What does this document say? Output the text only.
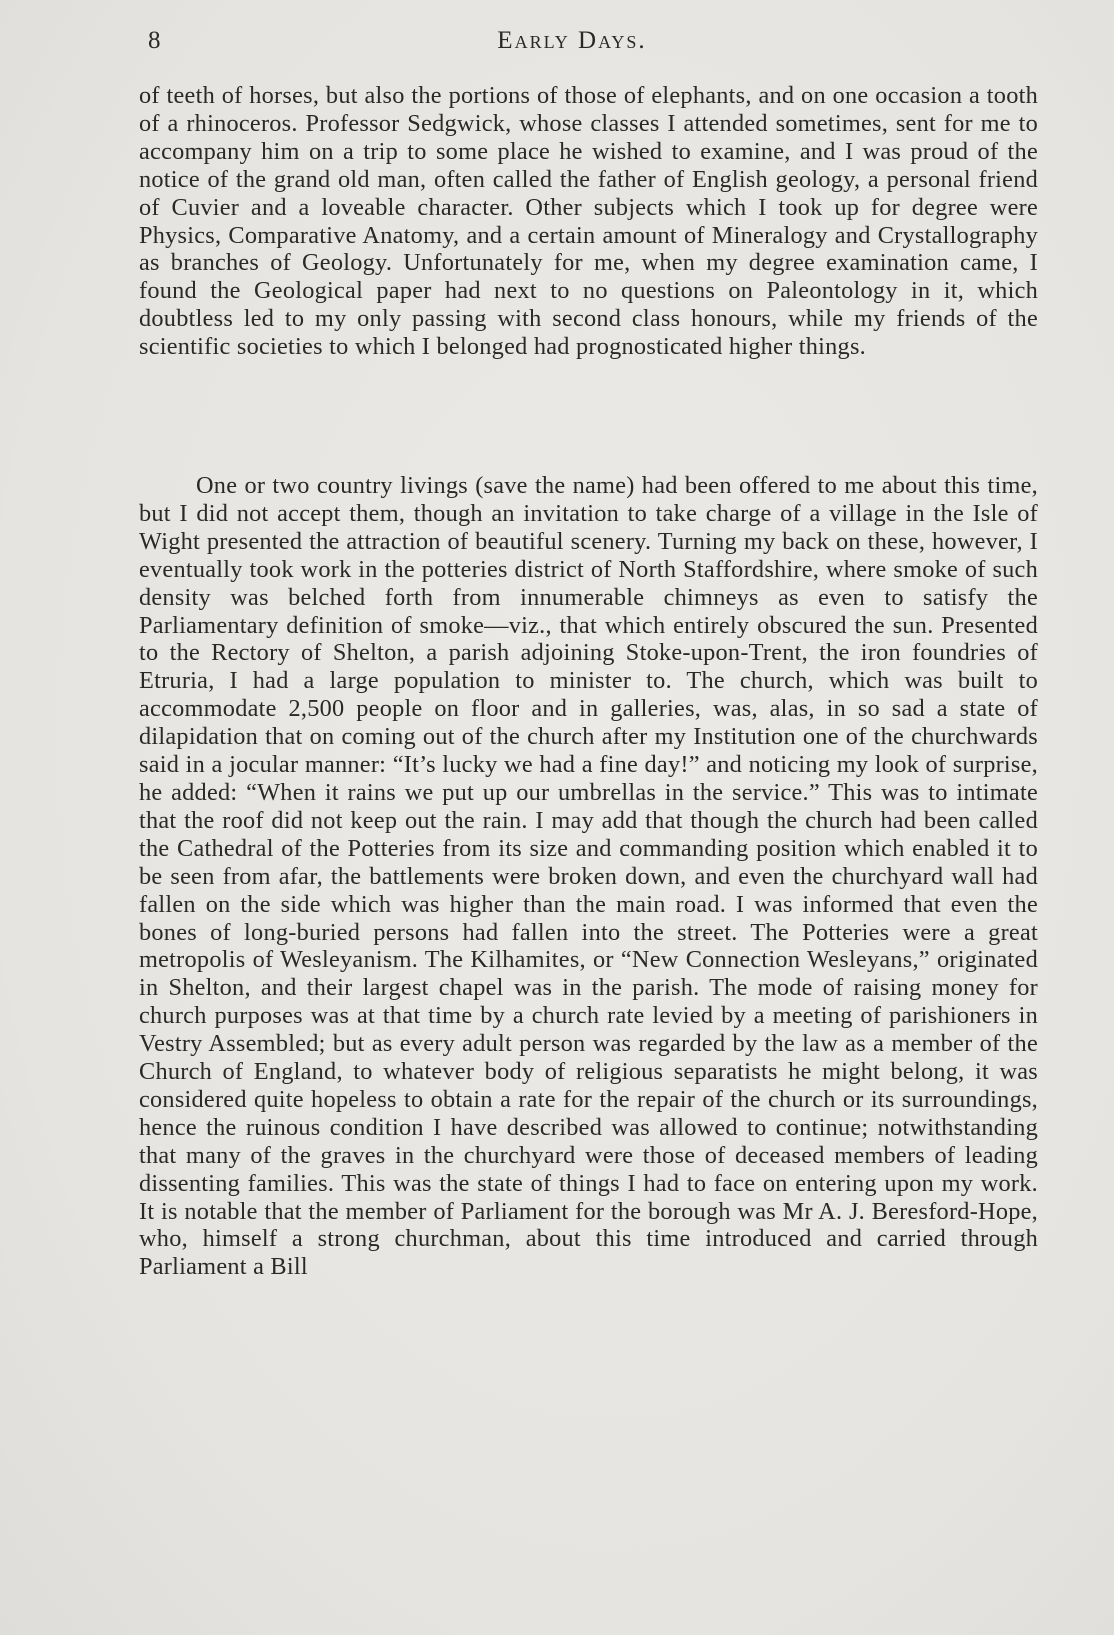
8	Early Days.

of teeth of horses, but also the portions of those of elephants, and on one occasion a tooth of a rhinoceros. Professor Sedgwick, whose classes I attended sometimes, sent for me to accompany him on a trip to some place he wished to examine, and I was proud of the notice of the grand old man, often called the father of English geology, a personal friend of Cuvier and a loveable character. Other subjects which I took up for degree were Physics, Comparative Anatomy, and a certain amount of Mineralogy and Crystallography as branches of Geology. Unfortunately for me, when my degree examination came, I found the Geological paper had next to no questions on Paleontology in it, which doubtless led to my only passing with second class honours, while my friends of the scientific societies to which I belonged had prognosticated higher things.

One or two country livings (save the name) had been offered to me about this time, but I did not accept them, though an invitation to take charge of a village in the Isle of Wight presented the attraction of beautiful scenery. Turning my back on these, however, I eventually took work in the potteries district of North Staffordshire, where smoke of such density was belched forth from innumerable chimneys as even to satisfy the Parliamentary definition of smoke—viz., that which entirely obscured the sun. Presented to the Rectory of Shelton, a parish adjoining Stoke-upon-Trent, the iron foundries of Etruria, I had a large population to minister to. The church, which was built to accommodate 2,500 people on floor and in galleries, was, alas, in so sad a state of dilapidation that on coming out of the church after my Institution one of the churchwards said in a jocular manner: “It’s lucky we had a fine day!” and noticing my look of surprise, he added: “When it rains we put up our umbrellas in the service.” This was to intimate that the roof did not keep out the rain. I may add that though the church had been called the Cathedral of the Potteries from its size and commanding position which enabled it to be seen from afar, the battlements were broken down, and even the churchyard wall had fallen on the side which was higher than the main road. I was informed that even the bones of long-buried persons had fallen into the street. The Potteries were a great metropolis of Wesleyanism. The Kilhamites, or “New Connection Wesleyans,” originated in Shelton, and their largest chapel was in the parish. The mode of raising money for church purposes was at that time by a church rate levied by a meeting of parishioners in Vestry Assembled; but as every adult person was regarded by the law as a member of the Church of England, to whatever body of religious separatists he might belong, it was considered quite hopeless to obtain a rate for the repair of the church or its surroundings, hence the ruinous condition I have described was allowed to continue; notwithstanding that many of the graves in the churchyard were those of deceased members of leading dissenting families. This was the state of things I had to face on entering upon my work. It is notable that the member of Parliament for the borough was Mr A. J. Beresford-Hope, who, himself a strong churchman, about this time introduced and carried through Parliament a Bill
